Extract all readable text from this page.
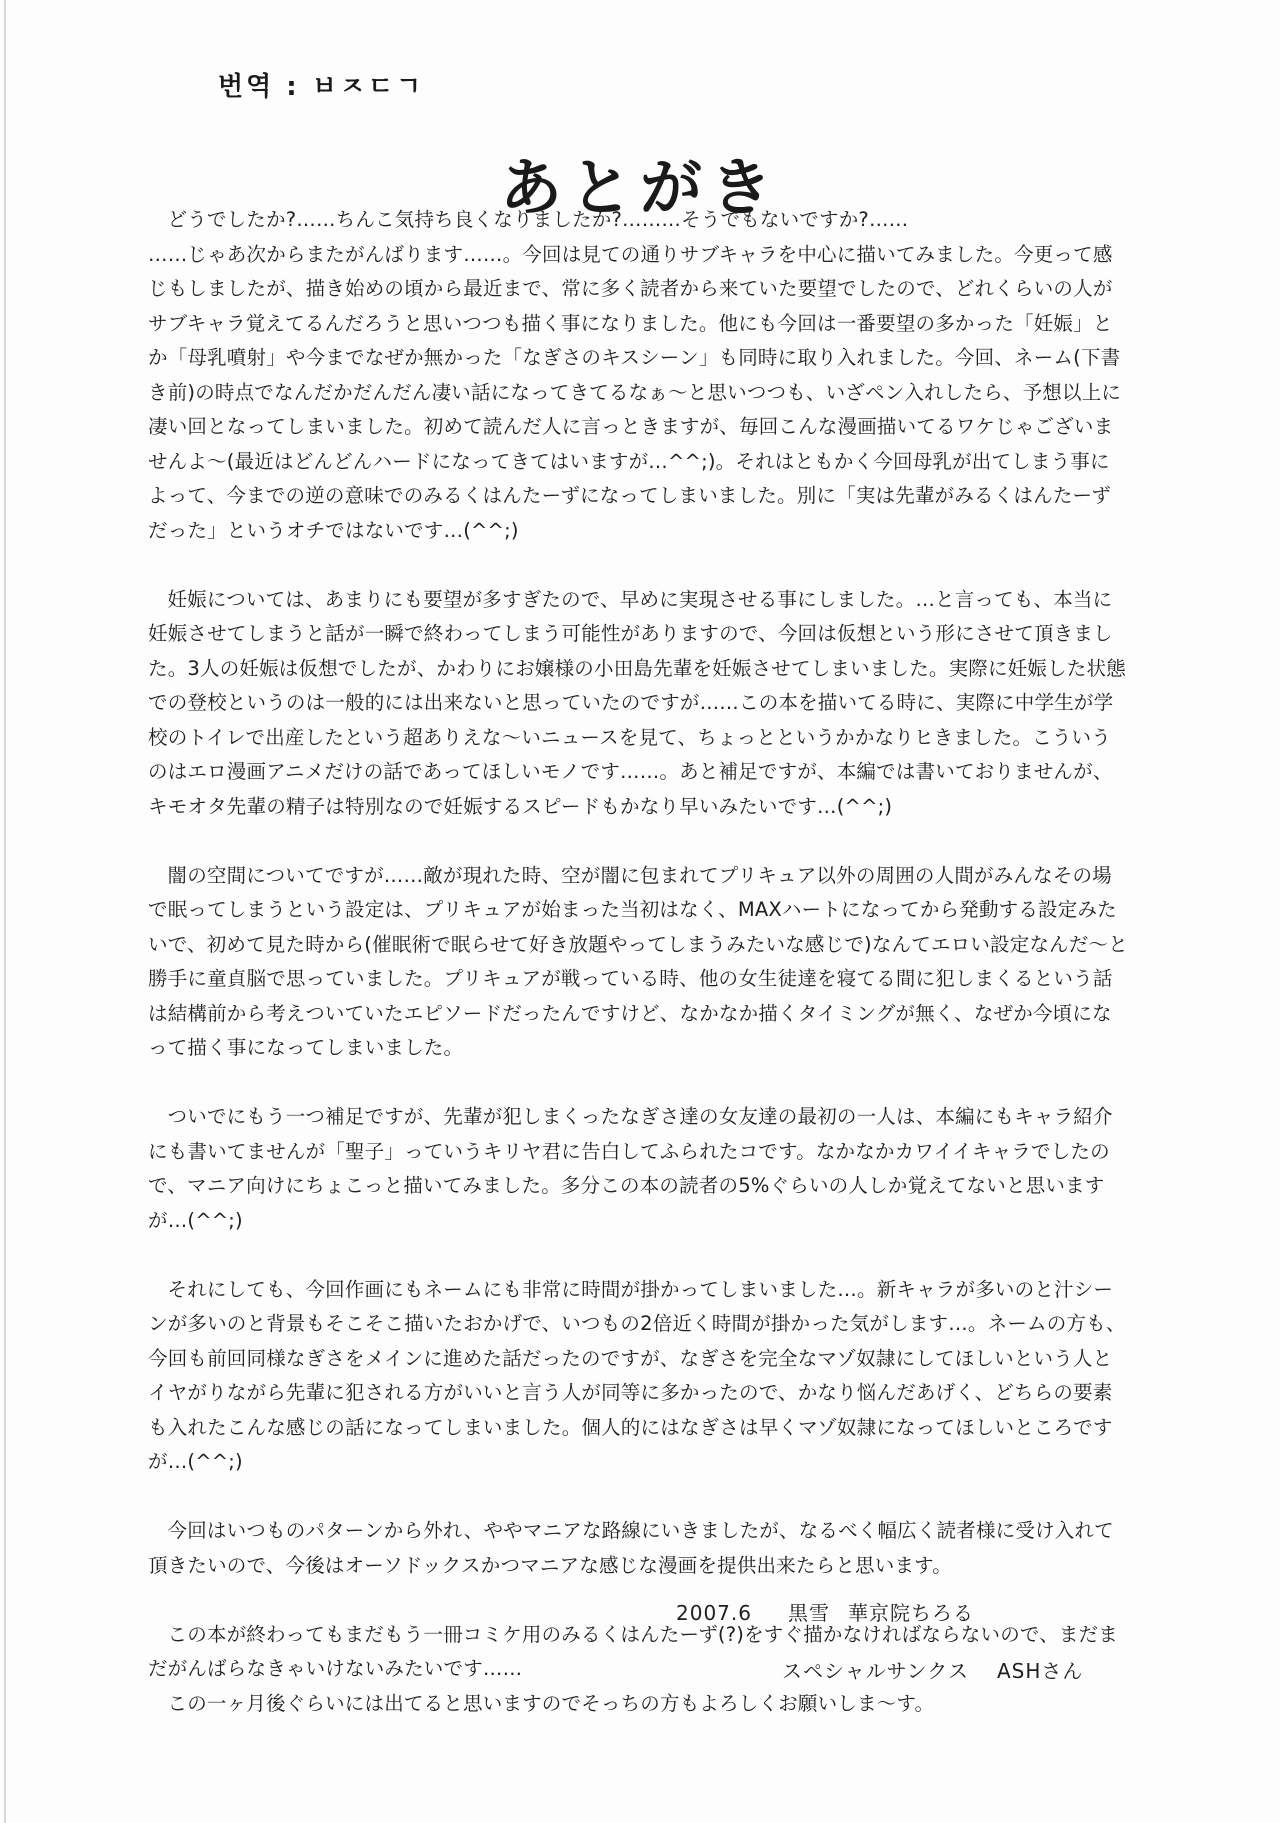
번역 : ㅂㅈㄷㄱ
あとがき

どうでしたか?……ちんこ気持ち良くなりましたか?………そうでもないですか?……

……じゃあ次からまたがんばります……。今回は見ての通りサブキャラを中心に描いてみました。今更って感じもしましたが、描き始めの頃から最近まで、常に多く読者から来ていた要望でしたので、どれくらいの人がサブキャラ覚えてるんだろうと思いつつも描く事になりました。他にも今回は一番要望の多かった「妊娠」とか「母乳噴射」や今までなぜか無かった「なぎさのキスシーン」も同時に取り入れました。今回、ネーム(下書き前)の時点でなんだかだんだん凄い話になってきてるなぁ〜と思いつつも、いざペン入れしたら、予想以上に凄い回となってしまいました。初めて読んだ人に言っときますが、毎回こんな漫画描いてるワケじゃございませんよ〜(最近はどんどんハードになってきてはいますが…^^;)。それはともかく今回母乳が出てしまう事によって、今までの逆の意味でのみるくはんたーずになってしまいました。別に「実は先輩がみるくはんたーずだった」というオチではないです…(^^;)

妊娠については、あまりにも要望が多すぎたので、早めに実現させる事にしました。…と言っても、本当に妊娠させてしまうと話が一瞬で終わってしまう可能性がありますので、今回は仮想という形にさせて頂きました。3人の妊娠は仮想でしたが、かわりにお嬢様の小田島先輩を妊娠させてしまいました。実際に妊娠した状態での登校というのは一般的には出来ないと思っていたのですが……この本を描いてる時に、実際に中学生が学校のトイレで出産したという超ありえな〜いニュースを見て、ちょっとというかかなりヒきました。こういうのはエロ漫画アニメだけの話であってほしいモノです……。あと補足ですが、本編では書いておりませんが、キモオタ先輩の精子は特別なので妊娠するスピードもかなり早いみたいです…(^^;)

闇の空間についてですが……敵が現れた時、空が闇に包まれてプリキュア以外の周囲の人間がみんなその場で眠ってしまうという設定は、プリキュアが始まった当初はなく、MAXハートになってから発動する設定みたいで、初めて見た時から(催眠術で眠らせて好き放題やってしまうみたいな感じで)なんてエロい設定なんだ〜と勝手に童貞脳で思っていました。プリキュアが戦っている時、他の女生徒達を寝てる間に犯しまくるという話は結構前から考えついていたエピソードだったんですけど、なかなか描くタイミングが無く、なぜか今頃になって描く事になってしまいました。

ついでにもう一つ補足ですが、先輩が犯しまくったなぎさ達の女友達の最初の一人は、本編にもキャラ紹介にも書いてませんが「聖子」っていうキリヤ君に告白してふられたコです。なかなかカワイイキャラでしたので、マニア向けにちょこっと描いてみました。多分この本の読者の5%ぐらいの人しか覚えてないと思いますが…(^^;)

それにしても、今回作画にもネームにも非常に時間が掛かってしまいました…。新キャラが多いのと汁シーンが多いのと背景もそこそこ描いたおかげで、いつもの2倍近く時間が掛かった気がします…。ネームの方も、今回も前回同様なぎさをメインに進めた話だったのですが、なぎさを完全なマゾ奴隷にしてほしいという人とイヤがりながら先輩に犯される方がいいと言う人が同等に多かったので、かなり悩んだあげく、どちらの要素も入れたこんな感じの話になってしまいました。個人的にはなぎさは早くマゾ奴隷になってほしいところですが…(^^;)

今回はいつものパターンから外れ、ややマニアな路線にいきましたが、なるべく幅広く読者様に受け入れて頂きたいので、今後はオーソドックスかつマニアな感じな漫画を提供出来たらと思います。

この本が終わってもまだもう一冊コミケ用のみるくはんたーず(?)をすぐ描かなければならないので、まだまだがんばらなきゃいけないみたいです……

この一ヶ月後ぐらいには出てると思いますのでそっちの方もよろしくお願いしま〜す。

2007.6 黒雪 華京院ちろる
スペシャルサンクス ASHさん
